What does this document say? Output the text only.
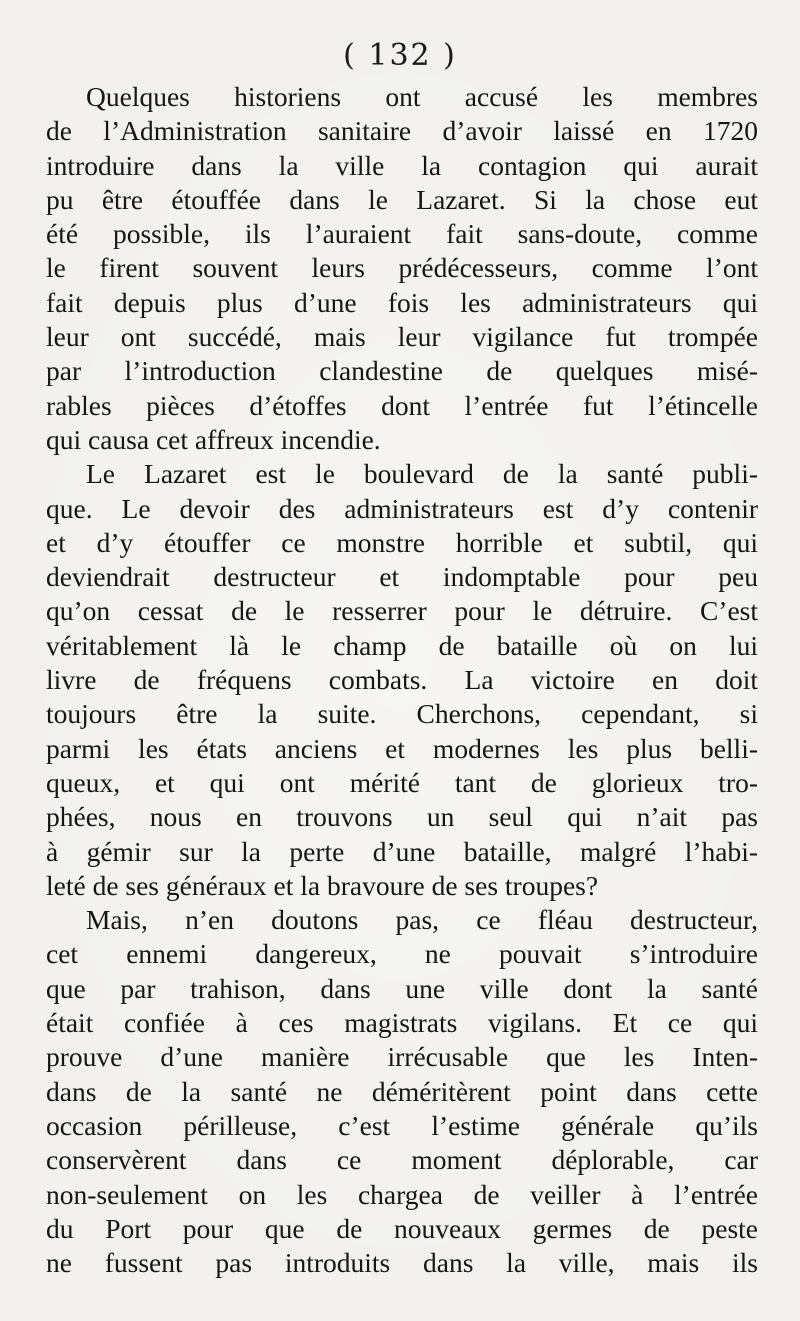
( 132 )
Quelques historiens ont accusé les membres
de l’Administration sanitaire d’avoir laissé en 1720
introduire dans la ville la contagion qui aurait
pu être étouffée dans le Lazaret. Si la chose eut
été possible, ils l’auraient fait sans-doute, comme
le firent souvent leurs prédécesseurs, comme l’ont
fait depuis plus d’une fois les administrateurs qui
leur ont succédé, mais leur vigilance fut trompée
par l’introduction clandestine de quelques misé-
rables pièces d’étoffes dont l’entrée fut l’étincelle
qui causa cet affreux incendie.
Le Lazaret est le boulevard de la santé publi-
que. Le devoir des administrateurs est d’y contenir
et d’y étouffer ce monstre horrible et subtil, qui
deviendrait destructeur et indomptable pour peu
qu’on cessat de le resserrer pour le détruire. C’est
véritablement là le champ de bataille où on lui
livre de fréquens combats. La victoire en doit
toujours être la suite. Cherchons, cependant, si
parmi les états anciens et modernes les plus belli-
queux, et qui ont mérité tant de glorieux tro-
phées, nous en trouvons un seul qui n’ait pas
à gémir sur la perte d’une bataille, malgré l’habi-
leté de ses généraux et la bravoure de ses troupes?
Mais, n’en doutons pas, ce fléau destructeur,
cet ennemi dangereux, ne pouvait s’introduire
que par trahison, dans une ville dont la santé
était confiée à ces magistrats vigilans. Et ce qui
prouve d’une manière irrécusable que les Inten-
dans de la santé ne déméritèrent point dans cette
occasion périlleuse, c’est l’estime générale qu’ils
conservèrent dans ce moment déplorable, car
non-seulement on les chargea de veiller à l’entrée
du Port pour que de nouveaux germes de peste
ne fussent pas introduits dans la ville, mais ils
